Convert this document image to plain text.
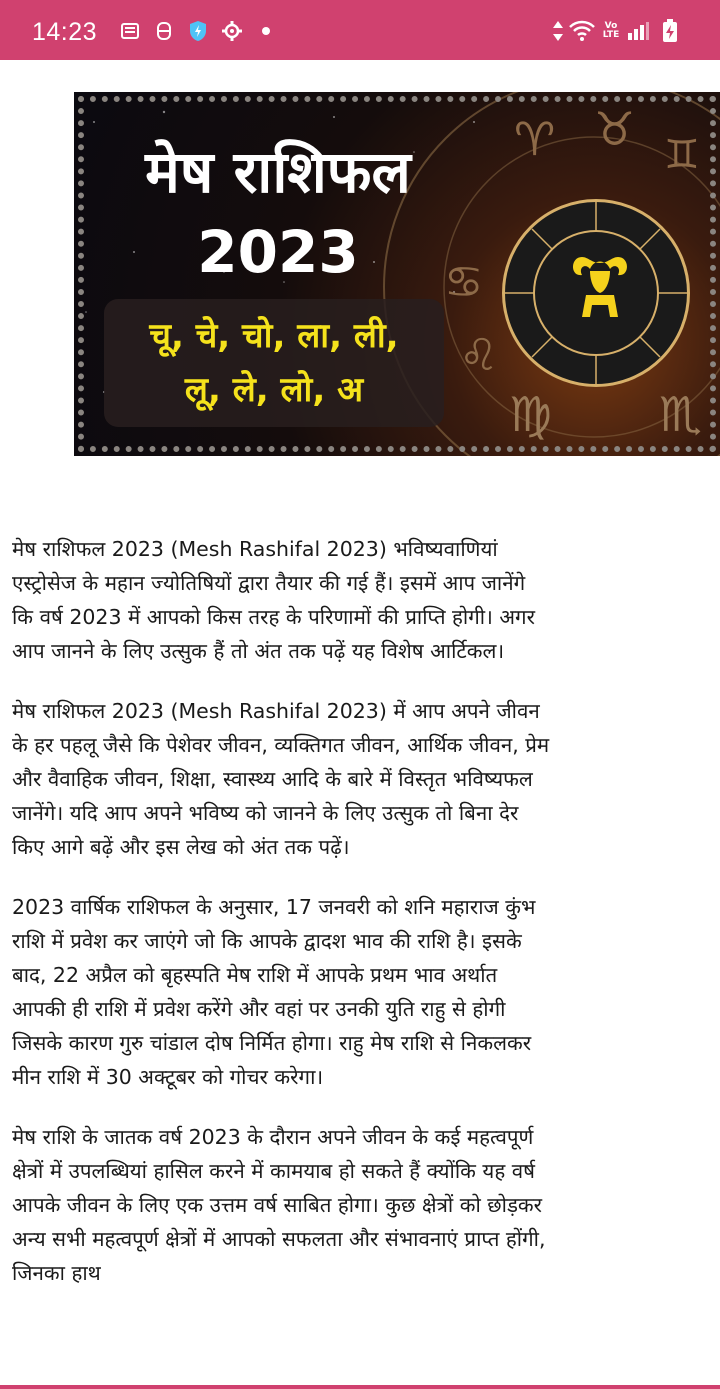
14:23	Vo
LTE
♈ ♉ ♊
♋
♌
♍ ♏
मेष राशिफल
2023
चू, चे, चो, ला, ली,
लू, ले, लो, अ

मेष राशिफल 2023 (Mesh Rashifal 2023) भविष्यवाणियां एस्ट्रोसेज के महान ज्योतिषियों द्वारा तैयार की गई हैं। इसमें आप जानेंगे कि वर्ष 2023 में आपको किस तरह के परिणामों की प्राप्ति होगी। अगर आप जानने के लिए उत्सुक हैं तो अंत तक पढ़ें यह विशेष आर्टिकल।

मेष राशिफल 2023 (Mesh Rashifal 2023) में आप अपने जीवन के हर पहलू जैसे कि पेशेवर जीवन, व्यक्तिगत जीवन, आर्थिक जीवन, प्रेम और वैवाहिक जीवन, शिक्षा, स्वास्थ्य आदि के बारे में विस्तृत भविष्यफल जानेंगे। यदि आप अपने भविष्य को जानने के लिए उत्सुक तो बिना देर किए आगे बढ़ें और इस लेख को अंत तक पढ़ें।

2023 वार्षिक राशिफल के अनुसार, 17 जनवरी को शनि महाराज कुंभ राशि में प्रवेश कर जाएंगे जो कि आपके द्वादश भाव की राशि है। इसके बाद, 22 अप्रैल को बृहस्पति मेष राशि में आपके प्रथम भाव अर्थात आपकी ही राशि में प्रवेश करेंगे और वहां पर उनकी युति राहु से होगी जिसके कारण गुरु चांडाल दोष निर्मित होगा। राहु मेष राशि से निकलकर मीन राशि में 30 अक्टूबर को गोचर करेगा।

मेष राशि के जातक वर्ष 2023 के दौरान अपने जीवन के कई महत्वपूर्ण क्षेत्रों में उपलब्धियां हासिल करने में कामयाब हो सकते हैं क्योंकि यह वर्ष आपके जीवन के लिए एक उत्तम वर्ष साबित होगा। कुछ क्षेत्रों को छोड़कर अन्य सभी महत्वपूर्ण क्षेत्रों में आपको सफलता और संभावनाएं प्राप्त होंगी, जिनका हाथ
